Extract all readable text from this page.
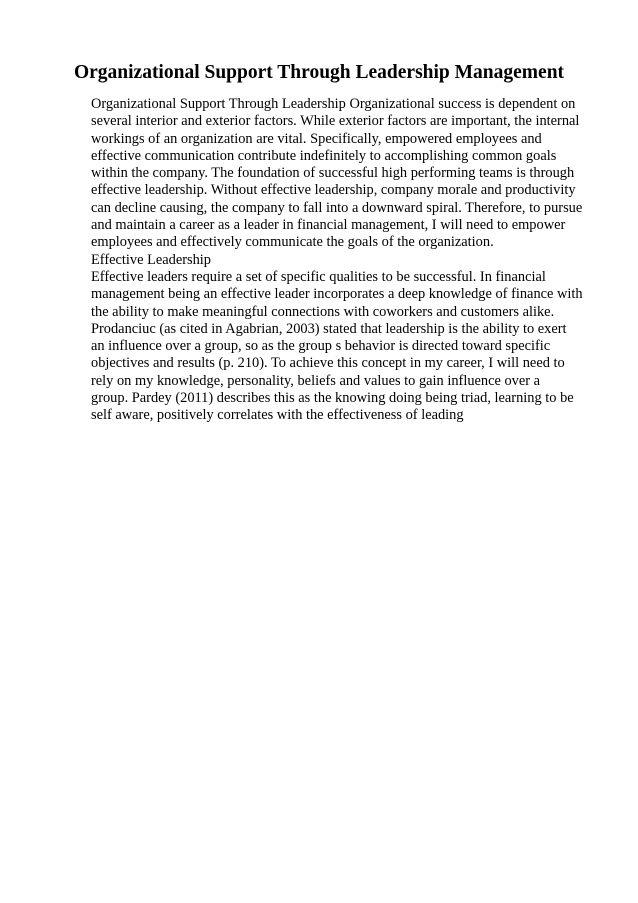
Organizational Support Through Leadership Management

Organizational Support Through Leadership Organizational success is dependent on

several interior and exterior factors. While exterior factors are important, the internal

workings of an organization are vital. Specifically, empowered employees and

effective communication contribute indefinitely to accomplishing common goals

within the company. The foundation of successful high performing teams is through

effective leadership. Without effective leadership, company morale and productivity

can decline causing, the company to fall into a downward spiral. Therefore, to pursue

and maintain a career as a leader in financial management, I will need to empower

employees and effectively communicate the goals of the organization.

Effective Leadership

Effective leaders require a set of specific qualities to be successful. In financial

management being an effective leader incorporates a deep knowledge of finance with

the ability to make meaningful connections with coworkers and customers alike.

Prodanciuc (as cited in Agabrian, 2003) stated that leadership is the ability to exert

an influence over a group, so as the group s behavior is directed toward specific

objectives and results (p. 210). To achieve this concept in my career, I will need to

rely on my knowledge, personality, beliefs and values to gain influence over a

group. Pardey (2011) describes this as the knowing doing being triad, learning to be

self aware, positively correlates with the effectiveness of leading
